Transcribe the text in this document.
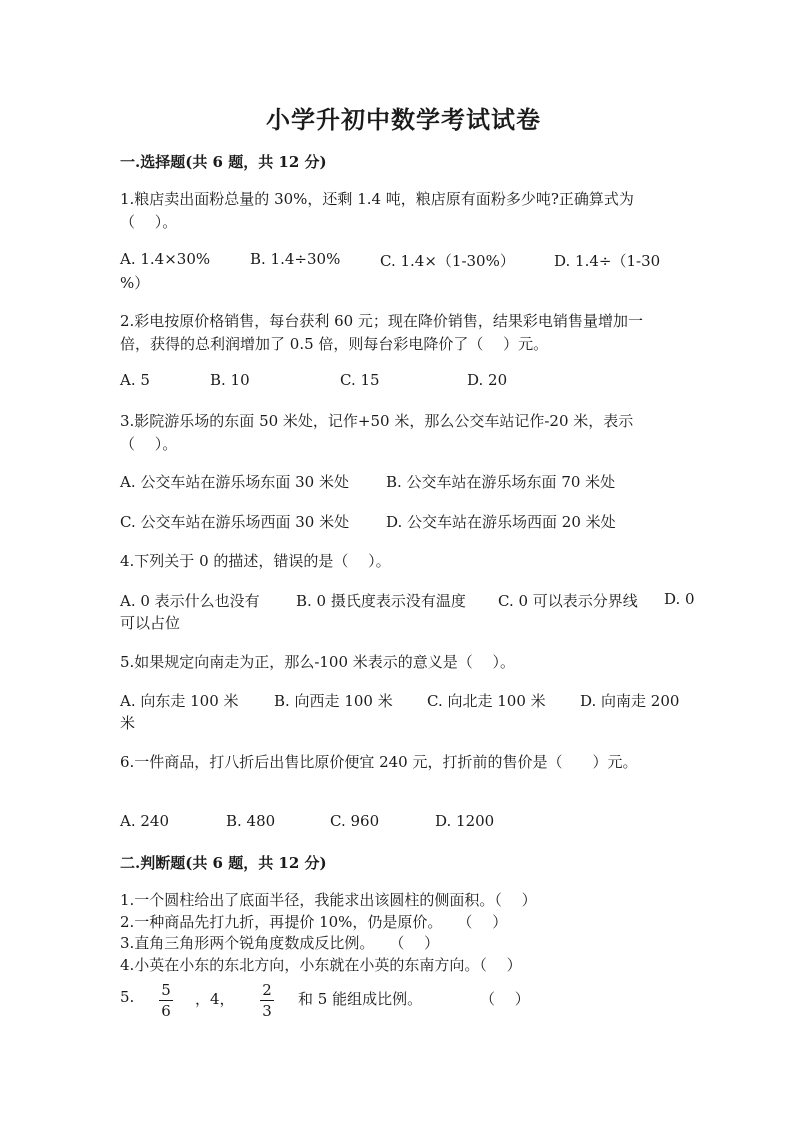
小学升初中数学考试试卷
一.选择题(共 6 题，共 12 分)
1.粮店卖出面粉总量的 30%，还剩 1.4 吨，粮店原有面粉多少吨?正确算式为
（　 ）。
A. 1.4×30%	B. 1.4÷30%	C. 1.4×（1-30%）	D. 1.4÷（1-30
%）
2.彩电按原价格销售，每台获利 60 元；现在降价销售，结果彩电销售量增加一
倍，获得的总利润增加了 0.5 倍，则每台彩电降价了（　 ）元。
A. 5	B. 10	C. 15	D. 20
3.影院游乐场的东面 50 米处，记作+50 米，那么公交车站记作-20 米，表示
（　 ）。
A. 公交车站在游乐场东面 30 米处 B. 公交车站在游乐场东面 70 米处
C. 公交车站在游乐场西面 30 米处 D. 公交车站在游乐场西面 20 米处
4.下列关于 0 的描述，错误的是（　 ）。
A. 0 表示什么也没有 B. 0 摄氏度表示没有温度 C. 0 可以表示分界线 D. 0
可以占位
5.如果规定向南走为正，那么-100 米表示的意义是（　 ）。
A. 向东走 100 米 B. 向西走 100 米 C. 向北走 100 米 D. 向南走 200
米
6.一件商品，打八折后出售比原价便宜 240 元，打折前的售价是（　　）元。
A. 240	B. 480	C. 960	D. 1200
二.判断题(共 6 题，共 12 分)
1.一个圆柱给出了底面半径，我能求出该圆柱的侧面积。（　 ）
2.一种商品先打九折，再提价 10%，仍是原价。　　（　 ）
3.直角三角形两个锐角度数成反比例。　　（　 ）
4.小英在小东的东北方向，小东就在小英的东南方向。（　 ）
5. 5
6
，4， 2
3
和 5 能组成比例。	（　 ）
